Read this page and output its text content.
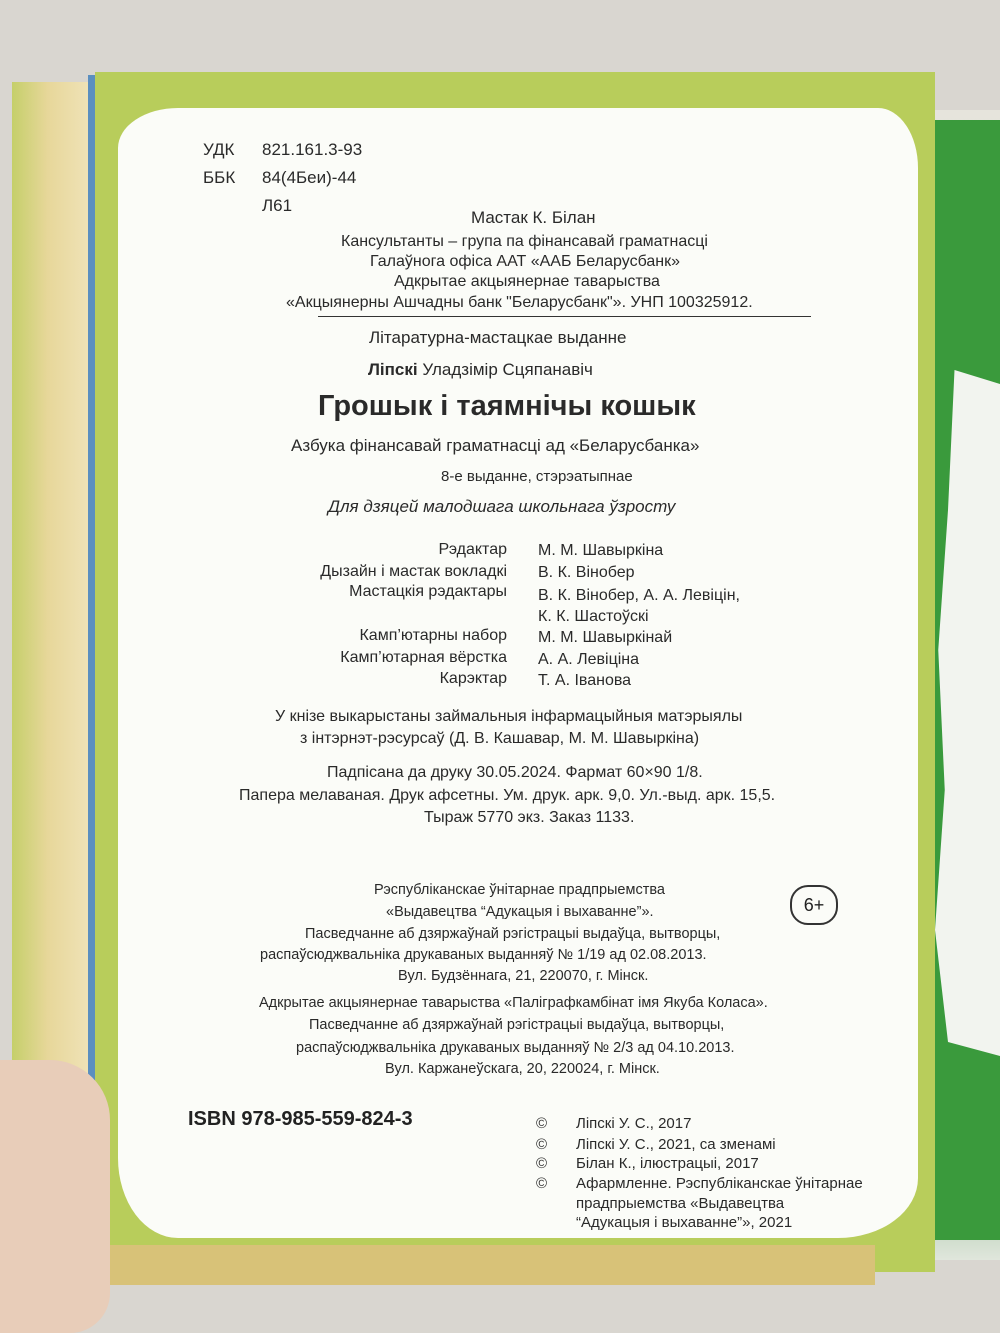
УДК 821.161.3-93
ББК 84(4Беи)-44
Л61
Мастак К. Білан
Кансультанты – група па фінансавай граматнасці
Галаўнога офіса ААТ «ААБ Беларусбанк»
Адкрытае акцыянернае таварыства
«Акцыянерны Ашчадны банк "Беларусбанк"». УНП 100325912.
Літаратурна-мастацкае выданне
Ліпскі Уладзімір Сцяпанавіч
Грошык і таямнічы кошык
Азбука фінансавай граматнасці ад «Беларусбанка»
8-е выданне, стэрэатыпнае
Для дзяцей малодшага школьнага ўзросту
Рэдактар М. М. Шавыркіна
Дызайн і мастак вокладкі В. К. Вінобер
Мастацкія рэдактары В. К. Вінобер, А. А. Левіцін,
К. К. Шастоўскі
Камп’ютарны набор М. М. Шавыркінай
Камп’ютарная вёрстка А. А. Левіціна
Карэктар Т. А. Іванова
У кнізе выкарыстаны займальныя інфармацыйныя матэрыялы
з інтэрнэт-рэсурсаў (Д. В. Кашавар, М. М. Шавыркіна)
Падпісана да друку 30.05.2024. Фармат 60×90 1/8.
Папера мелаваная. Друк афсетны. Ум. друк. арк. 9,0. Ул.-выд. арк. 15,5.
Тыраж 5770 экз. Заказ 1133.
Рэспубліканскае ўнітарнае прадпрыемства
«Выдавецтва “Адукацыя і выхаванне”».
Пасведчанне аб дзяржаўнай рэгістрацыі выдаўца, вытворцы,
распаўсюджвальніка друкаваных выданняў № 1/19 ад 02.08.2013.
Вул. Будзённага, 21, 220070, г. Мінск.
6+
Адкрытае акцыянернае таварыства «Паліграфкамбінат імя Якуба Коласа».
Пасведчанне аб дзяржаўнай рэгістрацыі выдаўца, вытворцы,
распаўсюджвальніка друкаваных выданняў № 2/3 ад 04.10.2013.
Вул. Каржанеўскага, 20, 220024, г. Мінск.
ISBN 978-985-559-824-3	© Ліпскі У. С., 2017
© Ліпскі У. С., 2021, са зменамі
© Білан К., ілюстрацыі, 2017
© Афармленне. Рэспубліканскае ўнітарнае
прадпрыемства «Выдавецтва
“Адукацыя і выхаванне”», 2021
